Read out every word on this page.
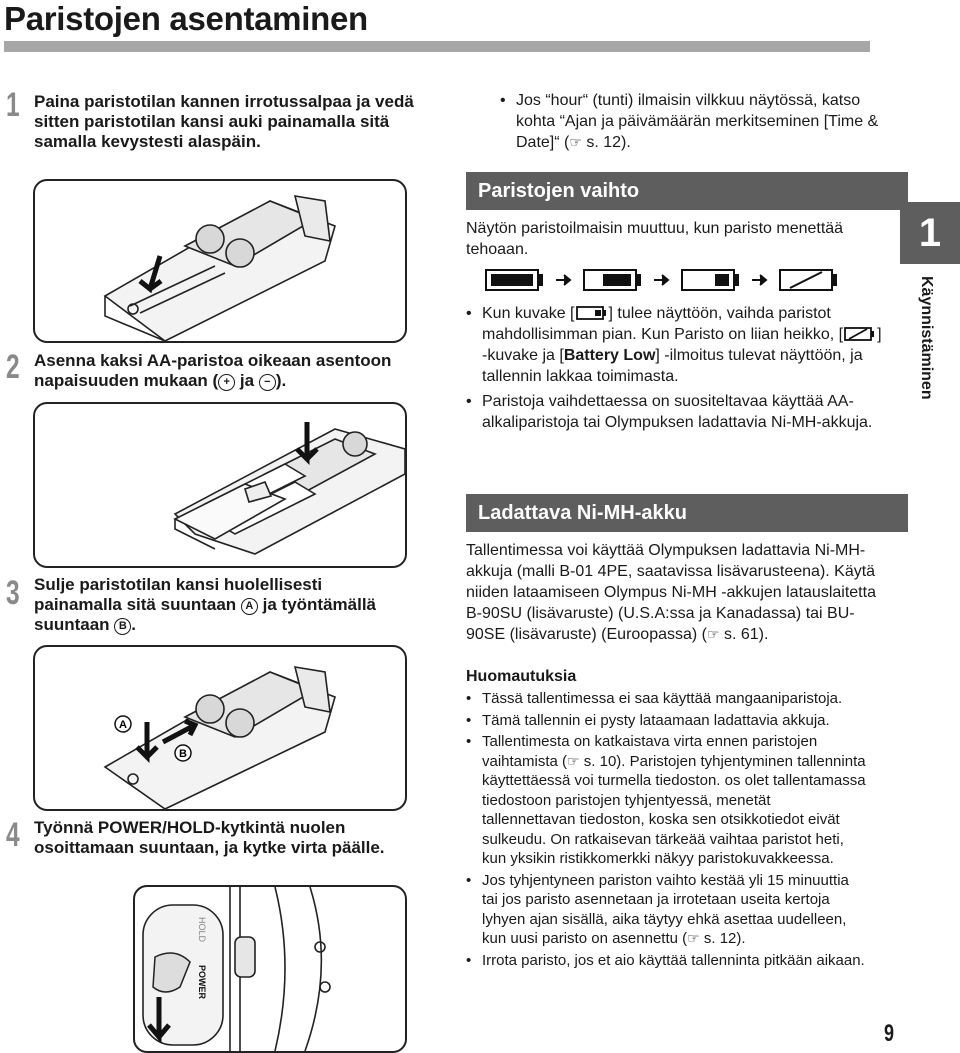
Paristojen asentaminen
1 Paina paristotilan kannen irrotussalpaa ja vedä sitten paristotilan kansi auki painamalla sitä samalla kevystesti alaspäin.
2 Asenna kaksi AA-paristoa oikeaan asentoon napaisuuden mukaan ( + ja − ).
3 Sulje paristotilan kansi huolellisesti painamalla sitä suuntaan A ja työntämällä suuntaan B .
A
B
4 Työnnä POWER/HOLD-kytkintä nuolen osoittamaan suuntaan, ja kytke virta päälle.
HOLD
POWER
• Jos “hour“ (tunti) ilmaisin vilkkuu näytössä, katso kohta “Ajan ja päivämäärän merkitseminen [Time & Date]“ (☞ s. 12).
Paristojen vaihto
Näytön paristoilmaisin muuttuu, kun paristo menettää tehoaan.
• Kun kuvake [ ] tulee näyttöön, vaihda paristot mahdollisimman pian. Kun Paristo on liian heikko, [ ] -kuvake ja [Battery Low] -ilmoitus tulevat näyttöön, ja tallennin lakkaa toimimasta.
• Paristoja vaihdettaessa on suositeltavaa käyttää AA-alkaliparistoja tai Olympuksen ladattavia Ni-MH-akkuja.
Ladattava Ni-MH-akku
Tallentimessa voi käyttää Olympuksen ladattavia Ni-MH-akkuja (malli B-01 4PE, saatavissa lisävarusteena). Käytä niiden lataamiseen Olympus Ni-MH -akkujen latauslaitetta B-90SU (lisävaruste) (U.S.A:ssa ja Kanadassa) tai BU-90SE (lisävaruste) (Euroopassa) (☞ s. 61).
Huomautuksia
• Tässä tallentimessa ei saa käyttää mangaaniparistoja.
• Tämä tallennin ei pysty lataamaan ladattavia akkuja.
• Tallentimesta on katkaistava virta ennen paristojen vaihtamista (☞ s. 10). Paristojen tyhjentyminen tallenninta käyttettäessä voi turmella tiedoston. os olet tallentamassa tiedostoon paristojen tyhjentyessä, menetät tallennettavan tiedoston, koska sen otsikkotiedot eivät sulkeudu. On ratkaisevan tärkeää vaihtaa paristot heti, kun yksikin ristikkomerkki näkyy paristokuvakkeessa.
• Jos tyhjentyneen pariston vaihto kestää yli 15 minuuttia tai jos paristo asennetaan ja irrotetaan useita kertoja lyhyen ajan sisällä, aika täytyy ehkä asettaa uudelleen, kun uusi paristo on asennettu (☞ s. 12).
• Irrota paristo, jos et aio käyttää tallenninta pitkään aikaan.
1
Käynnistäminen
9
